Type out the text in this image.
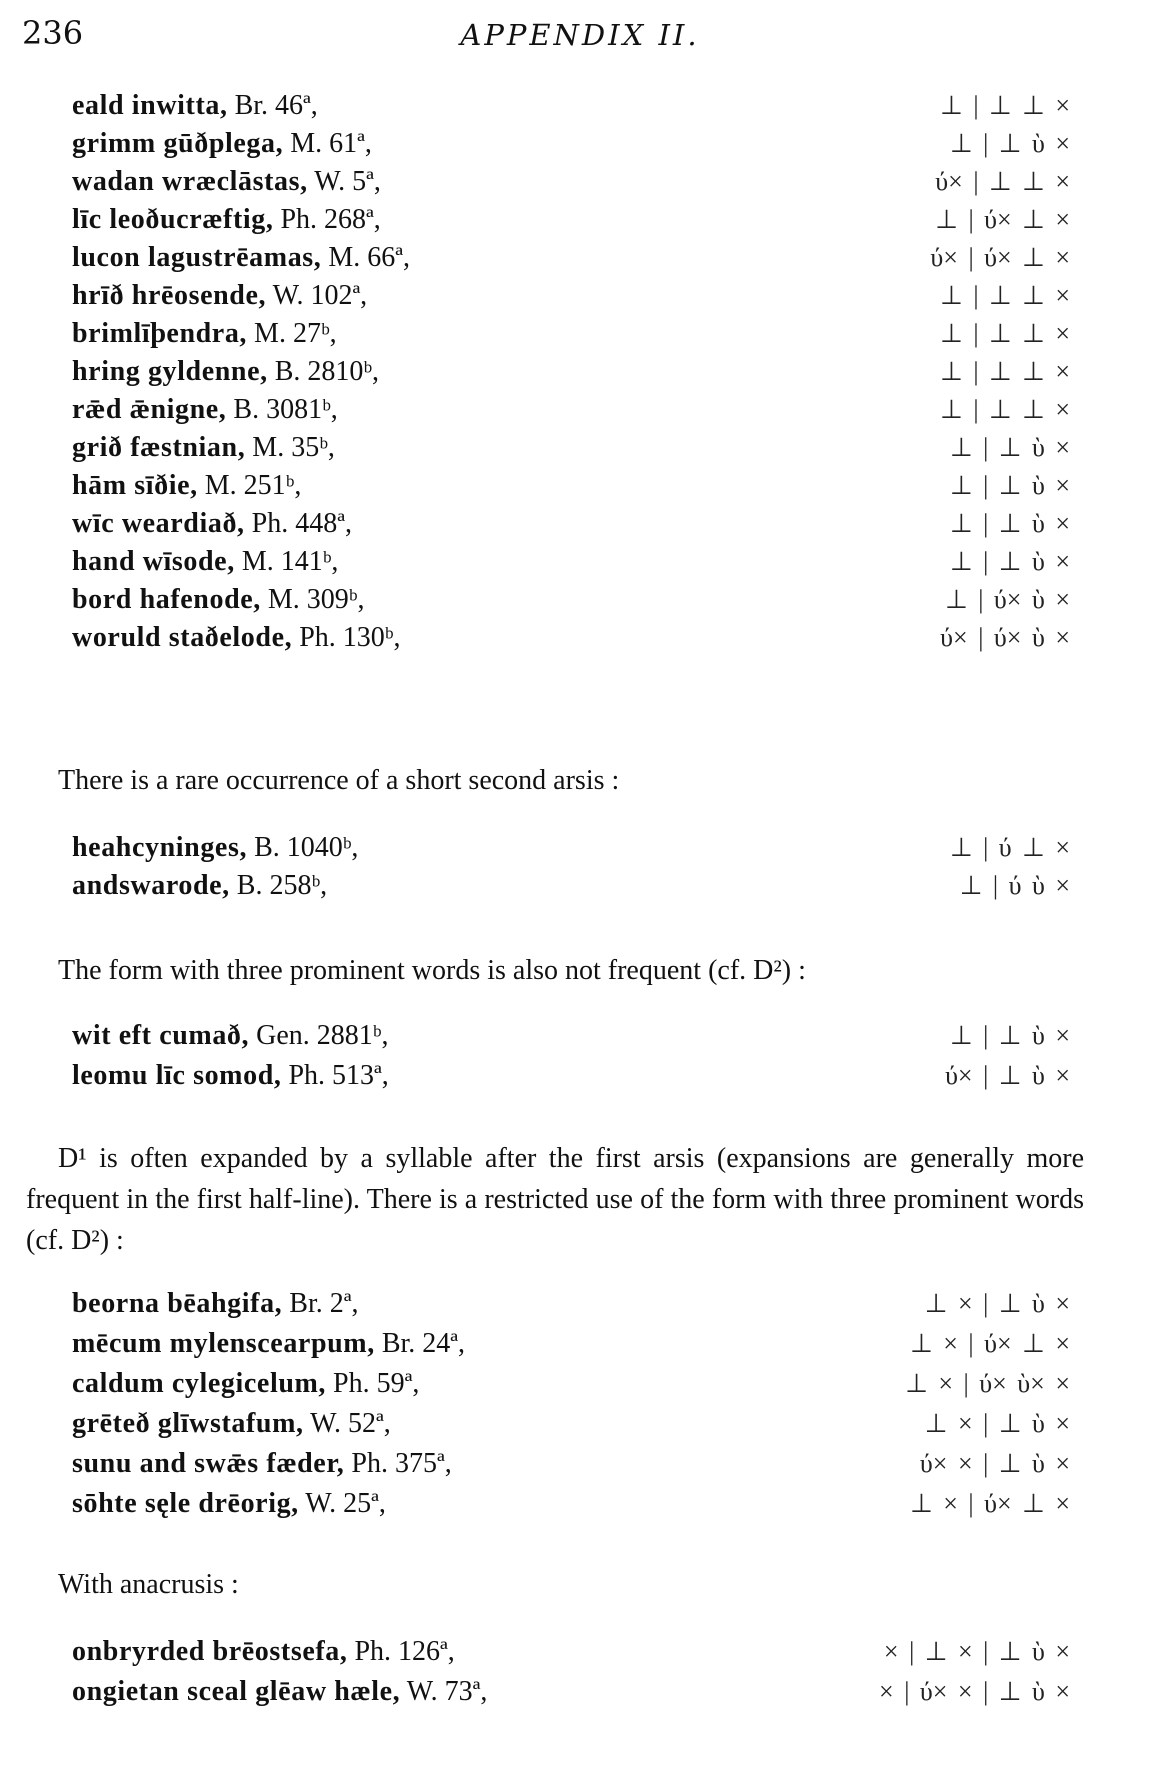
236	APPENDIX II.
eald inwitta, Br. 46ª,	⊥ | ⊥ ⊥ ×
grimm gūðplega, M. 61ª,	⊥ | ⊥ ὺ ×
wadan wræclāstas, W. 5ª,	ύ× | ⊥ ⊥ ×
līc leoðucræftig, Ph. 268ª,	⊥ | ύ× ⊥ ×
lucon lagustrēamas, M. 66ª,	ύ× | ύ× ⊥ ×
hrīð hrēosende, W. 102ª,	⊥ | ⊥ ⊥ ×
brimlīþendra, M. 27ᵇ,	⊥ | ⊥ ⊥ ×
hring gyldenne, B. 2810ᵇ,	⊥ | ⊥ ⊥ ×
rǣd ǣnigne, B. 3081ᵇ,	⊥ | ⊥ ⊥ ×
grið fæstnian, M. 35ᵇ,	⊥ | ⊥ ὺ ×
hām sīðie, M. 251ᵇ,	⊥ | ⊥ ὺ ×
wīc weardiað, Ph. 448ª,	⊥ | ⊥ ὺ ×
hand wīsode, M. 141ᵇ,	⊥ | ⊥ ὺ ×
bord hafenode, M. 309ᵇ,	⊥ | ύ× ὺ ×
woruld staðelode, Ph. 130ᵇ,	ύ× | ύ× ὺ ×
There is a rare occurrence of a short second arsis :
heahcyninges, B. 1040ᵇ,	⊥ | ύ ⊥ ×
andswarode, B. 258ᵇ,	⊥ | ύ ὺ ×
The form with three prominent words is also not frequent (cf. D²) :
wit eft cumað, Gen. 2881ᵇ,	⊥ | ⊥ ὺ ×
leomu līc somod, Ph. 513ª,	ύ× | ⊥ ὺ ×
D¹ is often expanded by a syllable after the first arsis (expansions are generally more frequent in the first half-line). There is a restricted use of the form with three prominent words (cf. D²) :
beorna bēahgifa, Br. 2ª,	⊥ × | ⊥ ὺ ×
mēcum mylenscearpum, Br. 24ª,	⊥ × | ύ× ⊥ ×
caldum cylegicelum, Ph. 59ª,	⊥ × | ύ× ὺ× ×
grēteð glīwstafum, W. 52ª,	⊥ × | ⊥ ὺ ×
sunu and swǣs fæder, Ph. 375ª,	ύ× × | ⊥ ὺ ×
sōhte sęle drēorig, W. 25ª,	⊥ × | ύ× ⊥ ×
With anacrusis :
onbryrded brēostsefa, Ph. 126ª,	× | ⊥ × | ⊥ ὺ ×
ongietan sceal glēaw hæle, W. 73ª,	× | ύ× × | ⊥ ὺ ×
